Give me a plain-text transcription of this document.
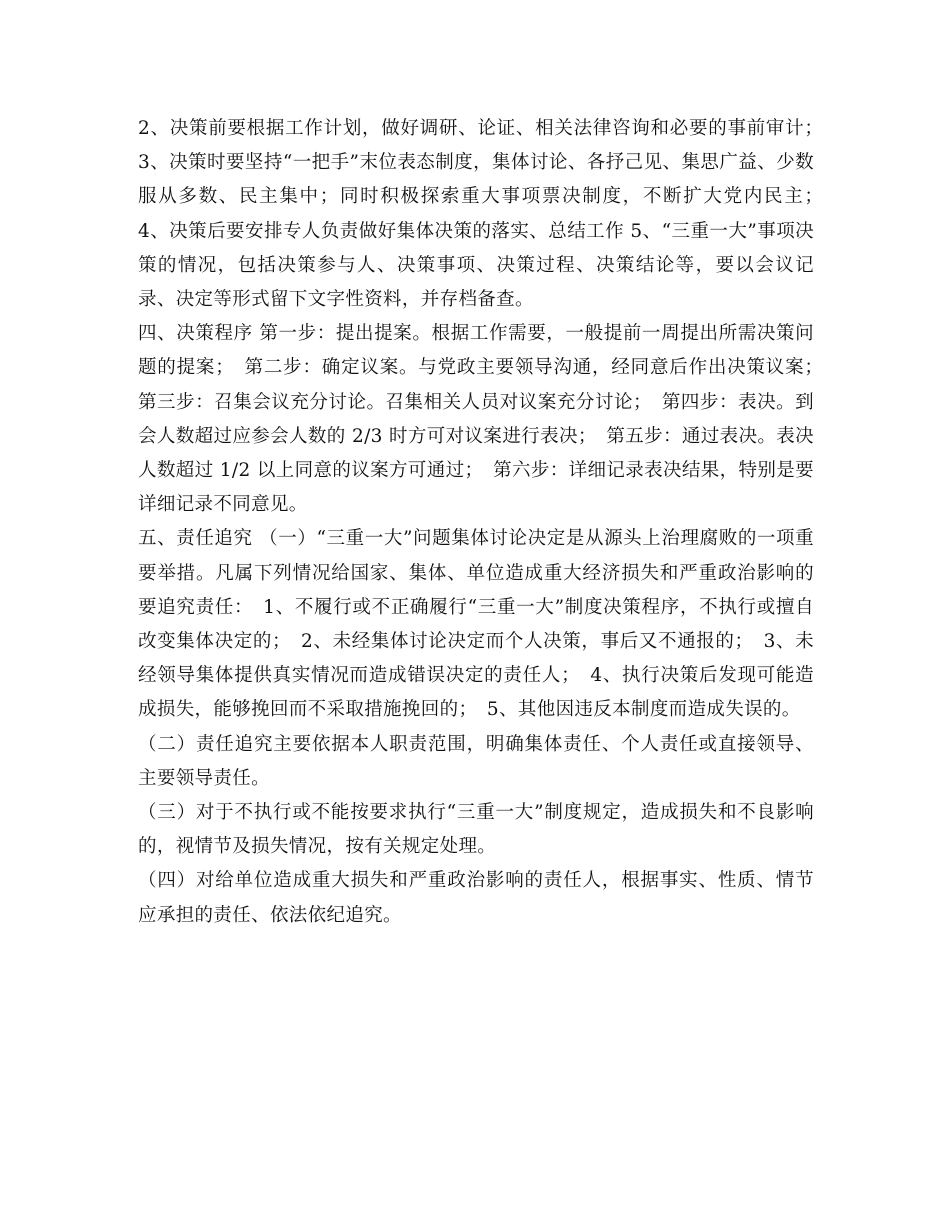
2、决策前要根据工作计划，做好调研、论证、相关法律咨询和必要的事前审计；　3、决策时要坚持“一把手”末位表态制度，集体讨论、各抒己见、集思广益、少数服从多数、民主集中；同时积极探索重大事项票决制度，不断扩大党内民主；　4、决策后要安排专人负责做好集体决策的落实、总结工作 5、“三重一大”事项决策的情况，包括决策参与人、决策事项、决策过程、决策结论等，要以会议记录、决定等形式留下文字性资料，并存档备查。

四、决策程序 第一步：提出提案。根据工作需要，一般提前一周提出所需决策问题的提案；　第二步：确定议案。与党政主要领导沟通，经同意后作出决策议案；　第三步：召集会议充分讨论。召集相关人员对议案充分讨论；　第四步：表决。到会人数超过应参会人数的 2/3 时方可对议案进行表决；　第五步：通过表决。表决人数超过 1/2 以上同意的议案方可通过；　第六步：详细记录表决结果，特别是要详细记录不同意见。

五、责任追究 （一）“三重一大”问题集体讨论决定是从源头上治理腐败的一项重要举措。凡属下列情况给国家、集体、单位造成重大经济损失和严重政治影响的要追究责任：　1、不履行或不正确履行“三重一大”制度决策程序，不执行或擅自改变集体决定的；　2、未经集体讨论决定而个人决策，事后又不通报的；　3、未经领导集体提供真实情况而造成错误决定的责任人；　4、执行决策后发现可能造成损失，能够挽回而不采取措施挽回的；　5、其他因违反本制度而造成失误的。

（二）责任追究主要依据本人职责范围，明确集体责任、个人责任或直接领导、主要领导责任。

（三）对于不执行或不能按要求执行“三重一大”制度规定，造成损失和不良影响的，视情节及损失情况，按有关规定处理。

（四）对给单位造成重大损失和严重政治影响的责任人，根据事实、性质、情节应承担的责任、依法依纪追究。
